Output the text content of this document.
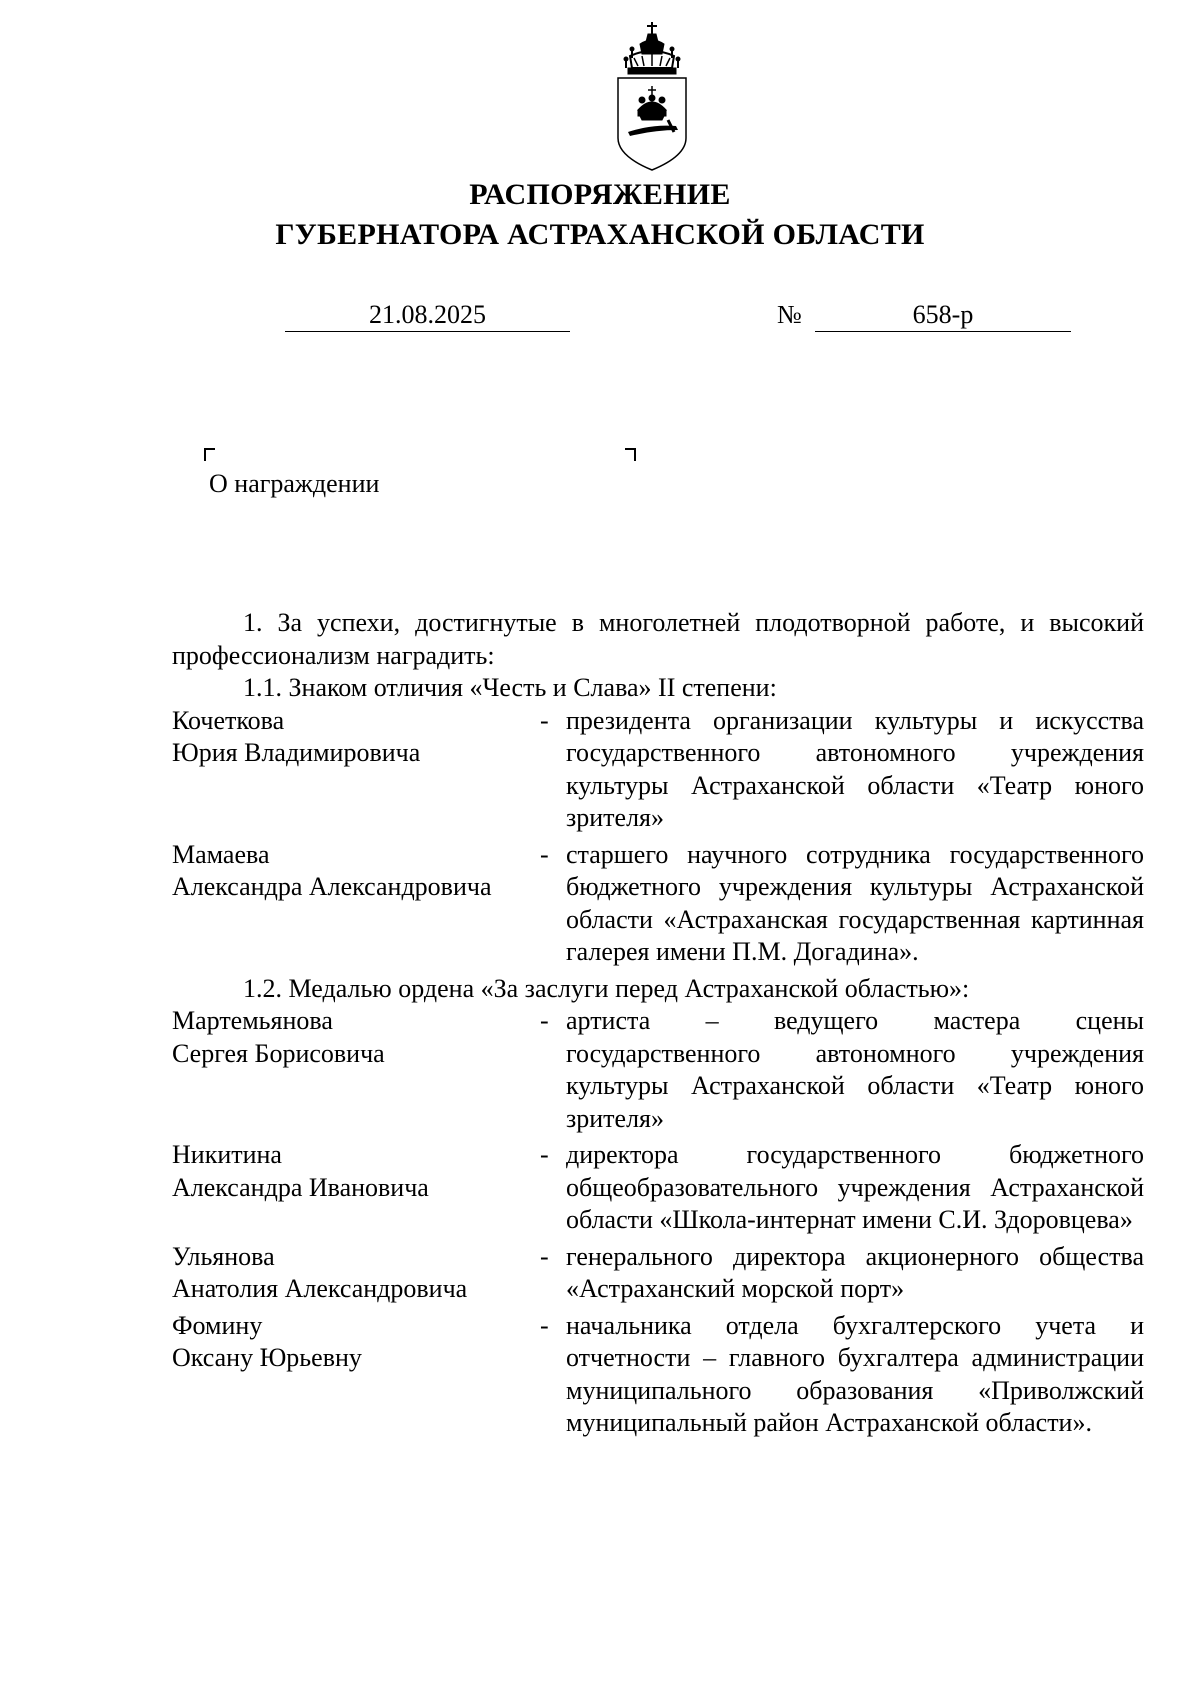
РАСПОРЯЖЕНИЕ
ГУБЕРНАТОРА АСТРАХАНСКОЙ ОБЛАСТИ
21.08.2025	№	658-р
О награждении

1. За успехи, достигнутые в многолетней плодотворной работе, и высокий профессионализм наградить:

1.1. Знаком отличия «Честь и Слава» II степени:

Кочеткова
Юрия Владимировича
- президента организации культуры и искусства государственного автономного учреждения культуры Астраханской области «Театр юного зрителя»
Мамаева
Александра Александровича
- старшего научного сотрудника государственного бюджетного учреждения культуры Астраханской области «Астраханская государственная картинная галерея имени П.М. Догадина».

1.2. Медалью ордена «За заслуги перед Астраханской областью»:

Мартемьянова
Сергея Борисовича
- артиста – ведущего мастера сцены государственного автономного учреждения культуры Астраханской области «Театр юного зрителя»
Никитина
Александра Ивановича
- директора государственного бюджетного общеобразовательного учреждения Астраханской области «Школа-интернат имени С.И. Здоровцева»
Ульянова
Анатолия Александровича
- генерального директора акционерного общества «Астраханский морской порт»
Фомину
Оксану Юрьевну
- начальника отдела бухгалтерского учета и отчетности – главного бухгалтера администрации муниципального образования «Приволжский муниципальный район Астраханской области».
